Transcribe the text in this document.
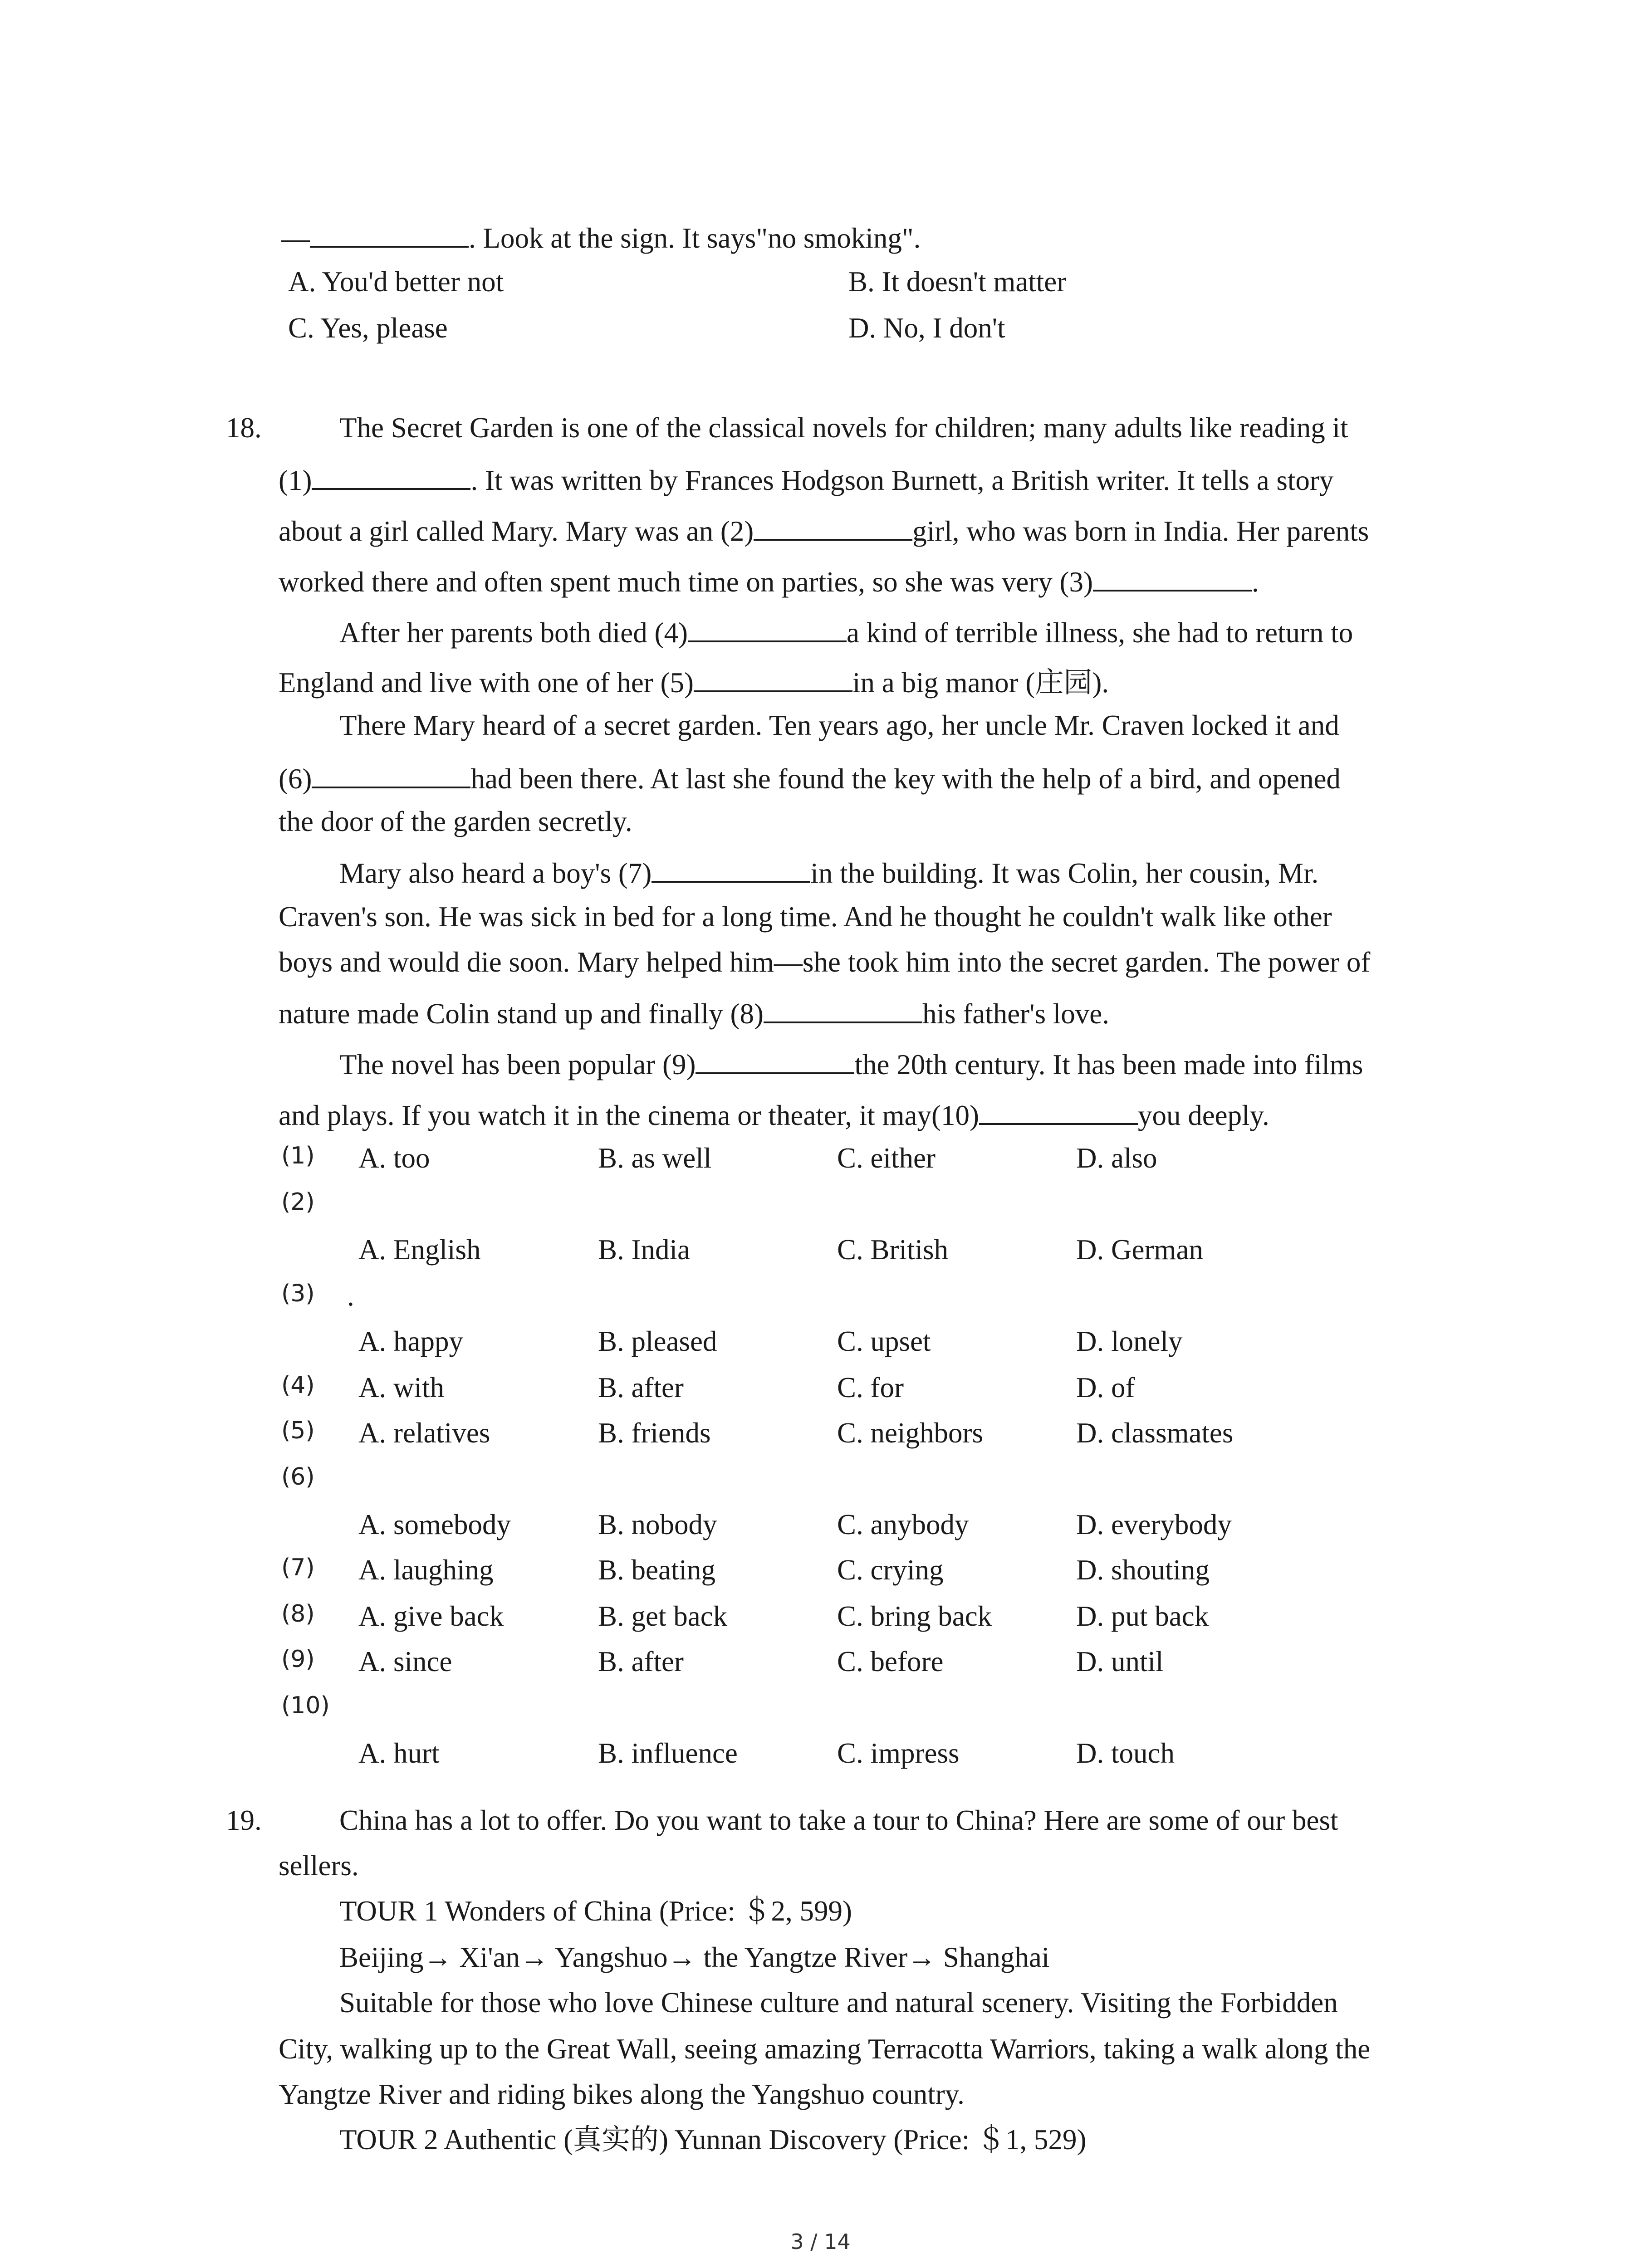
—	. Look at the sign. It says"no smoking".
A. You'd better not	B. It doesn't matter
C. Yes, please	D. No, I don't
18.	The Secret Garden is one of the classical novels for children; many adults like reading it
(1)	. It was written by Frances Hodgson Burnett, a British writer. It tells a story
about a girl called Mary. Mary was an (2)	girl, who was born in India. Her parents
worked there and often spent much time on parties, so she was very (3)	.
After her parents both died (4)	a kind of terrible illness, she had to return to
England and live with one of her (5)	in a big manor (庄园).
There Mary heard of a secret garden. Ten years ago, her uncle Mr. Craven locked it and
(6)	had been there. At last she found the key with the help of a bird, and opened
the door of the garden secretly.
Mary also heard a boy's (7)	in the building. It was Colin, her cousin, Mr.
Craven's son. He was sick in bed for a long time. And he thought he couldn't walk like other
boys and would die soon. Mary helped him—she took him into the secret garden. The power of
nature made Colin stand up and finally (8)	his father's love.
The novel has been popular (9)	the 20th century. It has been made into films
and plays. If you watch it in the cinema or theater, it may(10)	you deeply.
(1) A. too	B. as well	C. either	D. also
(2)
A. English	B. India	C. British	D. German
(3) .
A. happy	B. pleased	C. upset	D. lonely
(4) A. with	B. after	C. for	D. of
(5) A. relatives	B. friends	C. neighbors	D. classmates
(6)
A. somebody	B. nobody	C. anybody	D. everybody
(7) A. laughing	B. beating	C. crying	D. shouting
(8) A. give back	B. get back	C. bring back	D. put back
(9) A. since	B. after	C. before	D. until
(10)
A. hurt	B. influence	C. impress	D. touch
19.	China has a lot to offer. Do you want to take a tour to China? Here are some of our best
sellers.
TOUR 1 Wonders of China (Price: ＄2, 599)
Beijing→ Xi'an→ Yangshuo→ the Yangtze River→ Shanghai
Suitable for those who love Chinese culture and natural scenery. Visiting the Forbidden
City, walking up to the Great Wall, seeing amazing Terracotta Warriors, taking a walk along the
Yangtze River and riding bikes along the Yangshuo country.
TOUR 2 Authentic (真实的) Yunnan Discovery (Price: ＄1, 529)
3 / 14
